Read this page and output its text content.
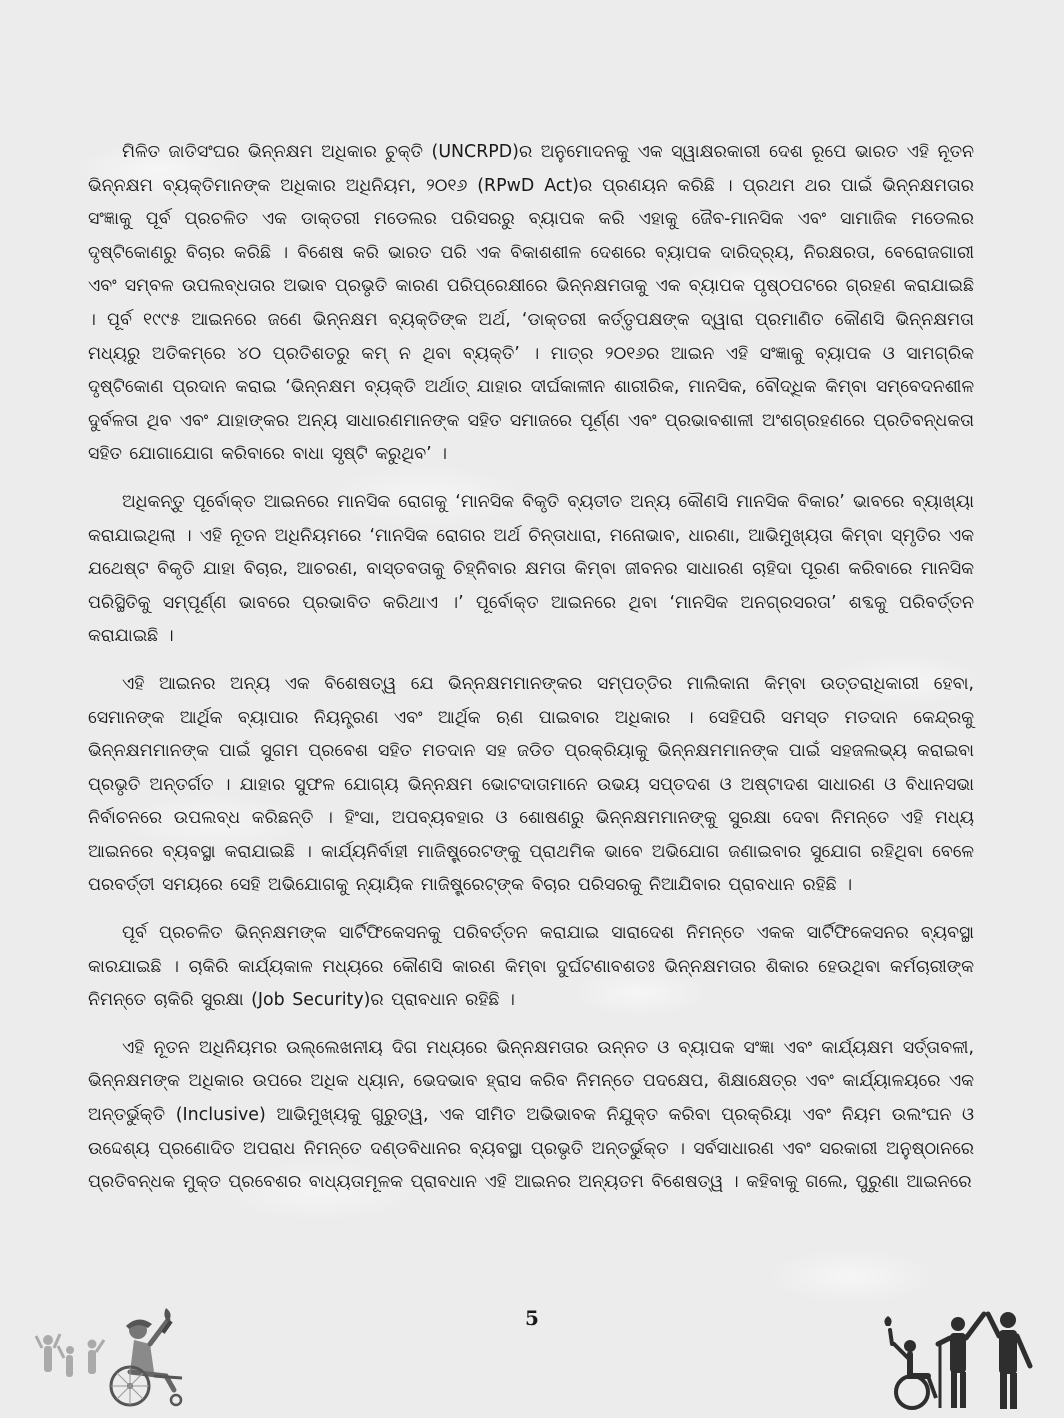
ମିଳିତ ଜାତିସଂଘର ଭିନ୍ନକ୍ଷମ ଅଧିକାର ଚୁକ୍ତି (UNCRPD)ର ଅନୁମୋଦନକୁ ଏକ ସ୍ୱାକ୍ଷରକାରୀ ଦେଶ ରୂପେ ଭାରତ ଏହି ନୂତନ ଭିନ୍ନକ୍ଷମ ବ୍ୟକ୍ତିମାନଙ୍କ ଅଧିକାର ଅଧିନିୟମ, ୨୦୧୬ (RPwD Act)ର ପ୍ରଣୟନ କରିଛି । ପ୍ରଥମ ଥର ପାଇଁ ଭିନ୍ନକ୍ଷମତାର ସଂଜ୍ଞାକୁ ପୂର୍ବ ପ୍ରଚଳିତ ଏକ ଡାକ୍ତରୀ ମଡେଲର ପରିସରରୁ ବ୍ୟାପକ କରି ଏହାକୁ ଜୈବ-ମାନସିକ ଏବଂ ସାମାଜିକ ମଡେଲର ଦୃଷ୍ଟିକୋଣରୁ ବିଚାର କରିଛି । ବିଶେଷ କରି ଭାରତ ପରି ଏକ ବିକାଶଶୀଳ ଦେଶରେ ବ୍ୟାପକ ଦାରିଦ୍ର୍ୟ, ନିରକ୍ଷରତା, ବେରୋଜଗାରୀ ଏବଂ ସମ୍ବଳ ଉପଲବ୍ଧତାର ଅଭାବ ପ୍ରଭୃତି କାରଣ ପରିପ୍ରେକ୍ଷୀରେ ଭିନ୍ନକ୍ଷମତାକୁ ଏକ ବ୍ୟାପକ ପୃଷ୍ଠପଟରେ ଗ୍ରହଣ କରାଯାଇଛି । ପୂର୍ବ ୧୯୯୫ ଆଇନରେ ଜଣେ ଭିନ୍ନକ୍ଷମ ବ୍ୟକ୍ତିଙ୍କ ଅର୍ଥ, ‘ଡାକ୍ତରୀ କର୍ତ୍ତୃପକ୍ଷଙ୍କ ଦ୍ୱାରା ପ୍ରମାଣିତ କୌଣସି ଭିନ୍ନକ୍ଷମତା ମଧ୍ୟରୁ ଅତିକମ୍‌ରେ ୪୦ ପ୍ରତିଶତରୁ କମ୍ ନ ଥିବା ବ୍ୟକ୍ତି’ । ମାତ୍ର ୨୦୧୬ର ଆଇନ ଏହି ସଂଜ୍ଞାକୁ ବ୍ୟାପକ ଓ ସାମଗ୍ରିକ ଦୃଷ୍ଟିକୋଣ ପ୍ରଦାନ କରାଇ ‘ଭିନ୍ନକ୍ଷମ ବ୍ୟକ୍ତି ଅର୍ଥାତ୍ ଯାହାର ଦୀର୍ଘକାଳୀନ ଶାରୀରିକ, ମାନସିକ, ବୌଦ୍ଧିକ କିମ୍ବା ସମ୍ବେଦନଶୀଳ ଦୁର୍ବଳତା ଥିବ ଏବଂ ଯାହାଙ୍କର ଅନ୍ୟ ସାଧାରଣମାନଙ୍କ ସହିତ ସମାଜରେ ପୂର୍ଣ୍ଣ ଏବଂ ପ୍ରଭାବଶାଳୀ ଅଂଶଗ୍ରହଣରେ ପ୍ରତିବନ୍ଧକତା ସହିତ ଯୋଗାଯୋଗ କରିବାରେ ବାଧା ସୃଷ୍ଟି କରୁଥିବ’ ।

ଅଧିକନ୍ତୁ ପୂର୍ବୋକ୍ତ ଆଇନରେ ମାନସିକ ରୋଗକୁ ‘ମାନସିକ ବିକୃତି ବ୍ୟତୀତ ଅନ୍ୟ କୌଣସି ମାନସିକ ବିକାର’ ଭାବରେ ବ୍ୟାଖ୍ୟା କରାଯାଇଥିଲା । ଏହି ନୂତନ ଅଧିନିୟମରେ ‘ମାନସିକ ରୋଗର ଅର୍ଥ ଚିନ୍ତାଧାରା, ମନୋଭାବ, ଧାରଣା, ଆଭିମୁଖ୍ୟତା କିମ୍ବା ସ୍ମୃତିର ଏକ ଯଥେଷ୍ଟ ବିକୃତି ଯାହା ବିଚାର, ଆଚରଣ, ବାସ୍ତବତାକୁ ଚିହ୍ନିବାର କ୍ଷମତା କିମ୍ବା ଜୀବନର ସାଧାରଣ ଚାହିଦା ପୂରଣ କରିବାରେ ମାନସିକ ପରିସ୍ଥିତିକୁ ସମ୍ପୂର୍ଣ୍ଣ ଭାବରେ ପ୍ରଭାବିତ କରିଥାଏ ।’ ପୂର୍ବୋକ୍ତ ଆଇନରେ ଥିବା ‘ମାନସିକ ଅନଗ୍ରସରତା’ ଶବ୍ଦକୁ ପରିବର୍ତ୍ତନ କରାଯାଇଛି ।

ଏହି ଆଇନର ଅନ୍ୟ ଏକ ବିଶେଷତ୍ୱ ଯେ ଭିନ୍ନକ୍ଷମମାନଙ୍କର ସମ୍ପତ୍ତିର ମାଲିକାନା କିମ୍ବା ଉତ୍ତରାଧିକାରୀ ହେବା, ସେମାନଙ୍କ ଆର୍ଥିକ ବ୍ୟାପାର ନିୟନ୍ତ୍ରଣ ଏବଂ ଆର୍ଥିକ ଋଣ ପାଇବାର ଅଧିକାର । ସେହିପରି ସମସ୍ତ ମତଦାନ କେନ୍ଦ୍ରକୁ ଭିନ୍ନକ୍ଷମମାନଙ୍କ ପାଇଁ ସୁଗମ ପ୍ରବେଶ ସହିତ ମତଦାନ ସହ ଜଡିତ ପ୍ରକ୍ରିୟାକୁ ଭିନ୍ନକ୍ଷମମାନଙ୍କ ପାଇଁ ସହଜଲଭ୍ୟ କରାଇବା ପ୍ରଭୃତି ଅନ୍ତର୍ଗତ । ଯାହାର ସୁଫଳ ଯୋଗ୍ୟ ଭିନ୍ନକ୍ଷମ ଭୋଟଦାତାମାନେ ଉଭୟ ସପ୍ତଦଶ ଓ ଅଷ୍ଟାଦଶ ସାଧାରଣ ଓ ବିଧାନସଭା ନିର୍ବାଚନରେ ଉପଲବ୍ଧ କରିଛନ୍ତି । ହିଂସା, ଅପବ୍ୟବହାର ଓ ଶୋଷଣରୁ ଭିନ୍ନକ୍ଷମମାନଙ୍କୁ ସୁରକ୍ଷା ଦେବା ନିମନ୍ତେ ଏହି ମଧ୍ୟ ଆଇନରେ ବ୍ୟବସ୍ଥା କରାଯାଇଛି । କାର୍ଯ୍ୟନିର୍ବାହୀ ମାଜିଷ୍ଟ୍ରେଟଙ୍କୁ ପ୍ରାଥମିକ ଭାବେ ଅଭିଯୋଗ ଜଣାଇବାର ସୁଯୋଗ ରହିଥିବା ବେଳେ ପରବର୍ତ୍ତୀ ସମୟରେ ସେହି ଅଭିଯୋଗକୁ ନ୍ୟାୟିକ ମାଜିଷ୍ଟ୍ରେଟ୍‌ଙ୍କ ବିଚାର ପରିସରକୁ ନିଆଯିବାର ପ୍ରାବଧାନ ରହିଛି ।

ପୂର୍ବ ପ୍ରଚଳିତ ଭିନ୍ନକ୍ଷମଙ୍କ ସାର୍ଟିଫିକେସନକୁ ପରିବର୍ତ୍ତନ କରାଯାଇ ସାରାଦେଶ ନିମନ୍ତେ ଏକକ ସାର୍ଟିଫିକେସନର ବ୍ୟବସ୍ଥା କାରଯାଇଛି । ଚାକିରି କାର୍ଯ୍ୟକାଳ ମଧ୍ୟରେ କୌଣସି କାରଣ କିମ୍ବା ଦୁର୍ଘଟଣାବଶତଃ ଭିନ୍ନକ୍ଷମତାର ଶିକାର ହେଉଥିବା କର୍ମଚାରୀଙ୍କ ନିମନ୍ତେ ଚାକିରି ସୁରକ୍ଷା (Job Security)ର ପ୍ରାବଧାନ ରହିଛି ।

ଏହି ନୂତନ ଅଧିନିୟମର ଉଲ୍ଲେଖନୀୟ ଦିଗ ମଧ୍ୟରେ ଭିନ୍ନକ୍ଷମତାର ଉନ୍ନତ ଓ ବ୍ୟାପକ ସଂଜ୍ଞା ଏବଂ କାର୍ଯ୍ୟକ୍ଷମ ସର୍ତ୍ତାବଳୀ, ଭିନ୍ନକ୍ଷମଙ୍କ ଅଧିକାର ଉପରେ ଅଧିକ ଧ୍ୟାନ, ଭେଦଭାବ ହ୍ରାସ କରିବ ନିମନ୍ତେ ପଦକ୍ଷେପ, ଶିକ୍ଷାକ୍ଷେତ୍ର ଏବଂ କାର୍ଯ୍ୟାଳୟରେ ଏକ ଅନ୍ତର୍ଭୁକ୍ତି (Inclusive) ଆଭିମୁଖ୍ୟକୁ ଗୁରୁତ୍ୱ, ଏକ ସୀମିତ ଅଭିଭାବକ ନିଯୁକ୍ତ କରିବା ପ୍ରକ୍ରିୟା ଏବଂ ନିୟମ ଉଲଂଘନ ଓ ଉଦ୍ଦେଶ୍ୟ ପ୍ରଣୋଦିତ ଅପରାଧ ନିମନ୍ତେ ଦଣ୍ଡବିଧାନର ବ୍ୟବସ୍ଥା ପ୍ରଭୃତି ଅନ୍ତର୍ଭୁକ୍ତ । ସର୍ବସାଧାରଣ ଏବଂ ସରକାରୀ ଅନୁଷ୍ଠାନରେ ପ୍ରତିବନ୍ଧକ ମୁକ୍ତ ପ୍ରବେଶର ବାଧ୍ୟତାମୂଳକ ପ୍ରାବଧାନ ଏହି ଆଇନର ଅନ୍ୟତମ ବିଶେଷତ୍ୱ । କହିବାକୁ ଗଲେ, ପୁରୁଣା ଆଇନରେ

5
